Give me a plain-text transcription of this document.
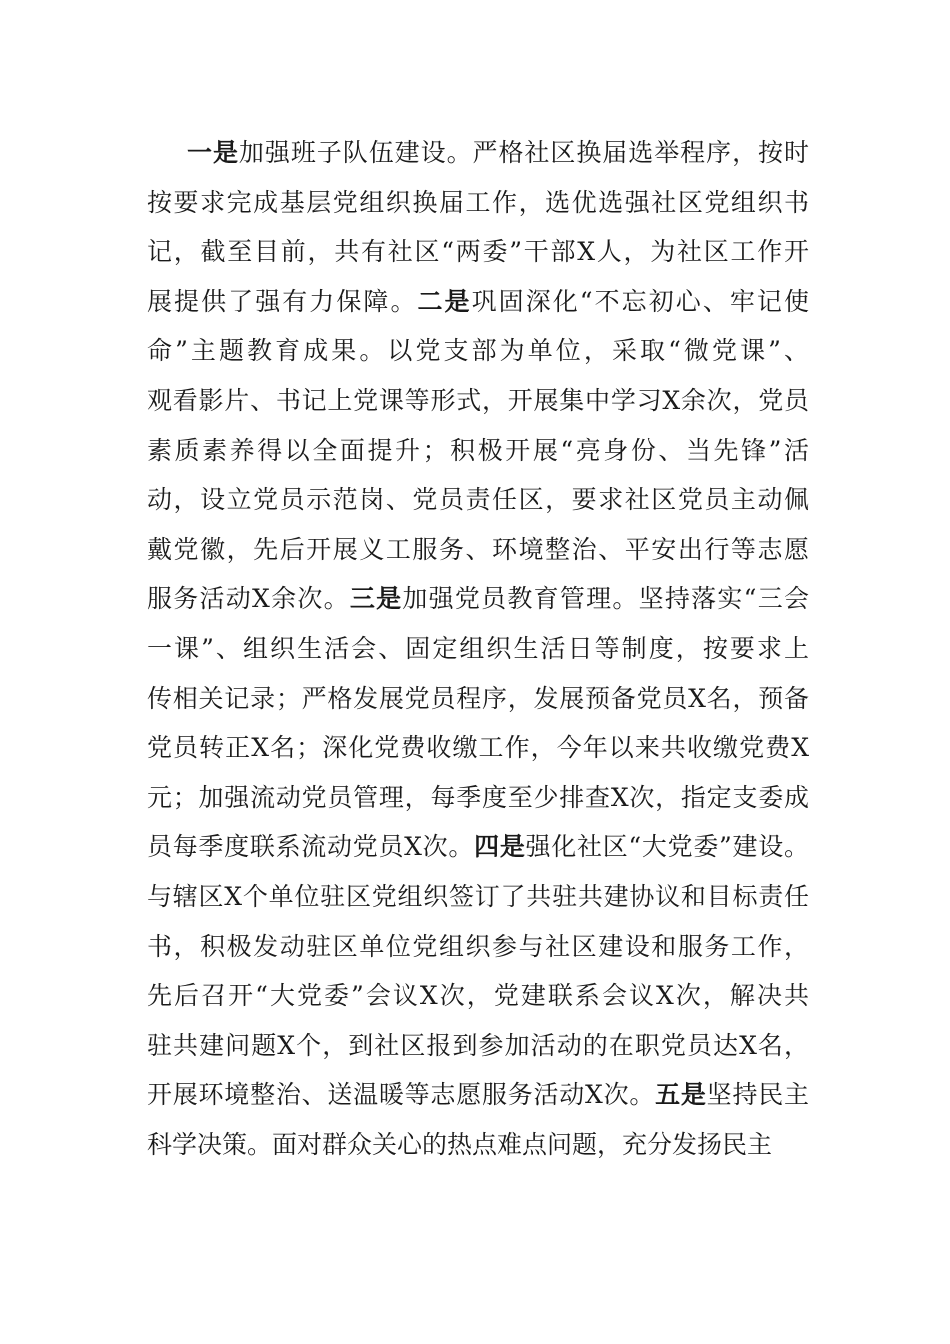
一是加强班子队伍建设。严格社区换届选举程序，按时
按要求完成基层党组织换届工作，选优选强社区党组织书
记，截至目前，共有社区“两委”干部X人，为社区工作开
展提供了强有力保障。二是巩固深化“不忘初心、牢记使
命”主题教育成果。以党支部为单位，采取“微党课”、
观看影片、书记上党课等形式，开展集中学习X余次，党员
素质素养得以全面提升；积极开展“亮身份、当先锋”活
动，设立党员示范岗、党员责任区，要求社区党员主动佩
戴党徽，先后开展义工服务、环境整治、平安出行等志愿
服务活动X余次。三是加强党员教育管理。坚持落实“三会
一课”、组织生活会、固定组织生活日等制度，按要求上
传相关记录；严格发展党员程序，发展预备党员X名，预备
党员转正X名；深化党费收缴工作，今年以来共收缴党费X
元；加强流动党员管理，每季度至少排查X次，指定支委成
员每季度联系流动党员X次。四是强化社区“大党委”建设。
与辖区X个单位驻区党组织签订了共驻共建协议和目标责任
书，积极发动驻区单位党组织参与社区建设和服务工作，
先后召开“大党委”会议X次，党建联系会议X次，解决共
驻共建问题X个，到社区报到参加活动的在职党员达X名，
开展环境整治、送温暖等志愿服务活动X次。五是坚持民主
科学决策。面对群众关心的热点难点问题，充分发扬民主
